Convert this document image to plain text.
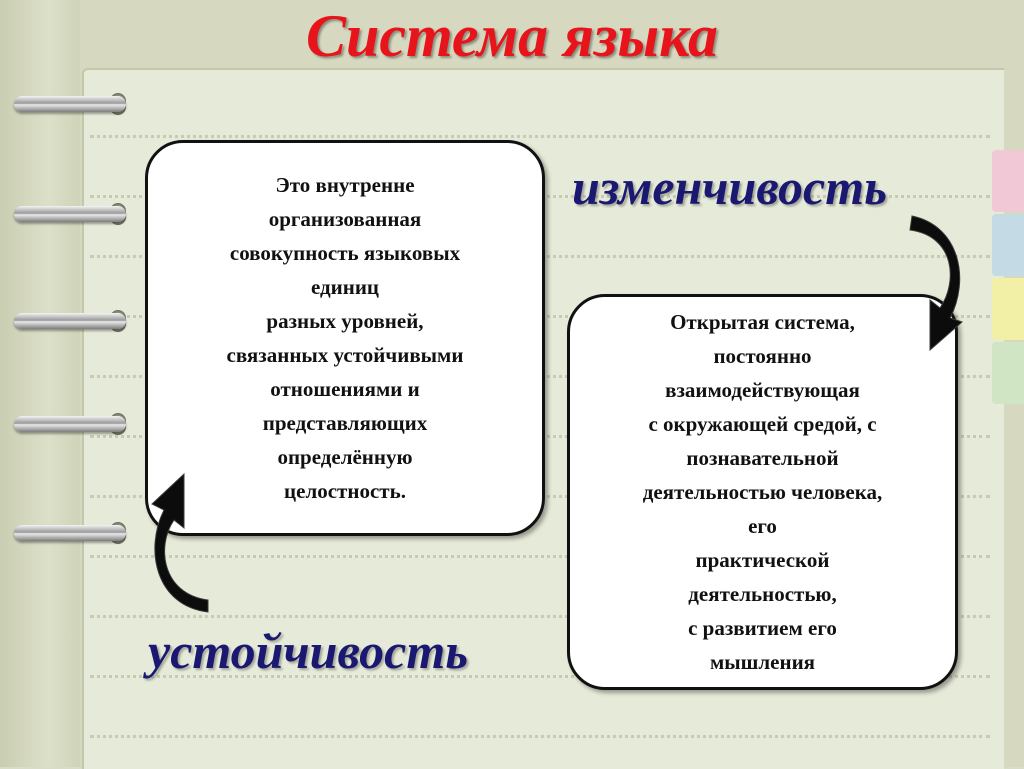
Система языка
Это внутренне
организованная
совокупность языковых
единиц
разных уровней,
связанных устойчивыми
отношениями и
представляющих
определённую
целостность.
Открытая система,
постоянно
взаимодействующая
с окружающей средой, с
познавательной
деятельностью человека,
его
практической
деятельностью,
с развитием его
мышления
изменчивость
устойчивость
